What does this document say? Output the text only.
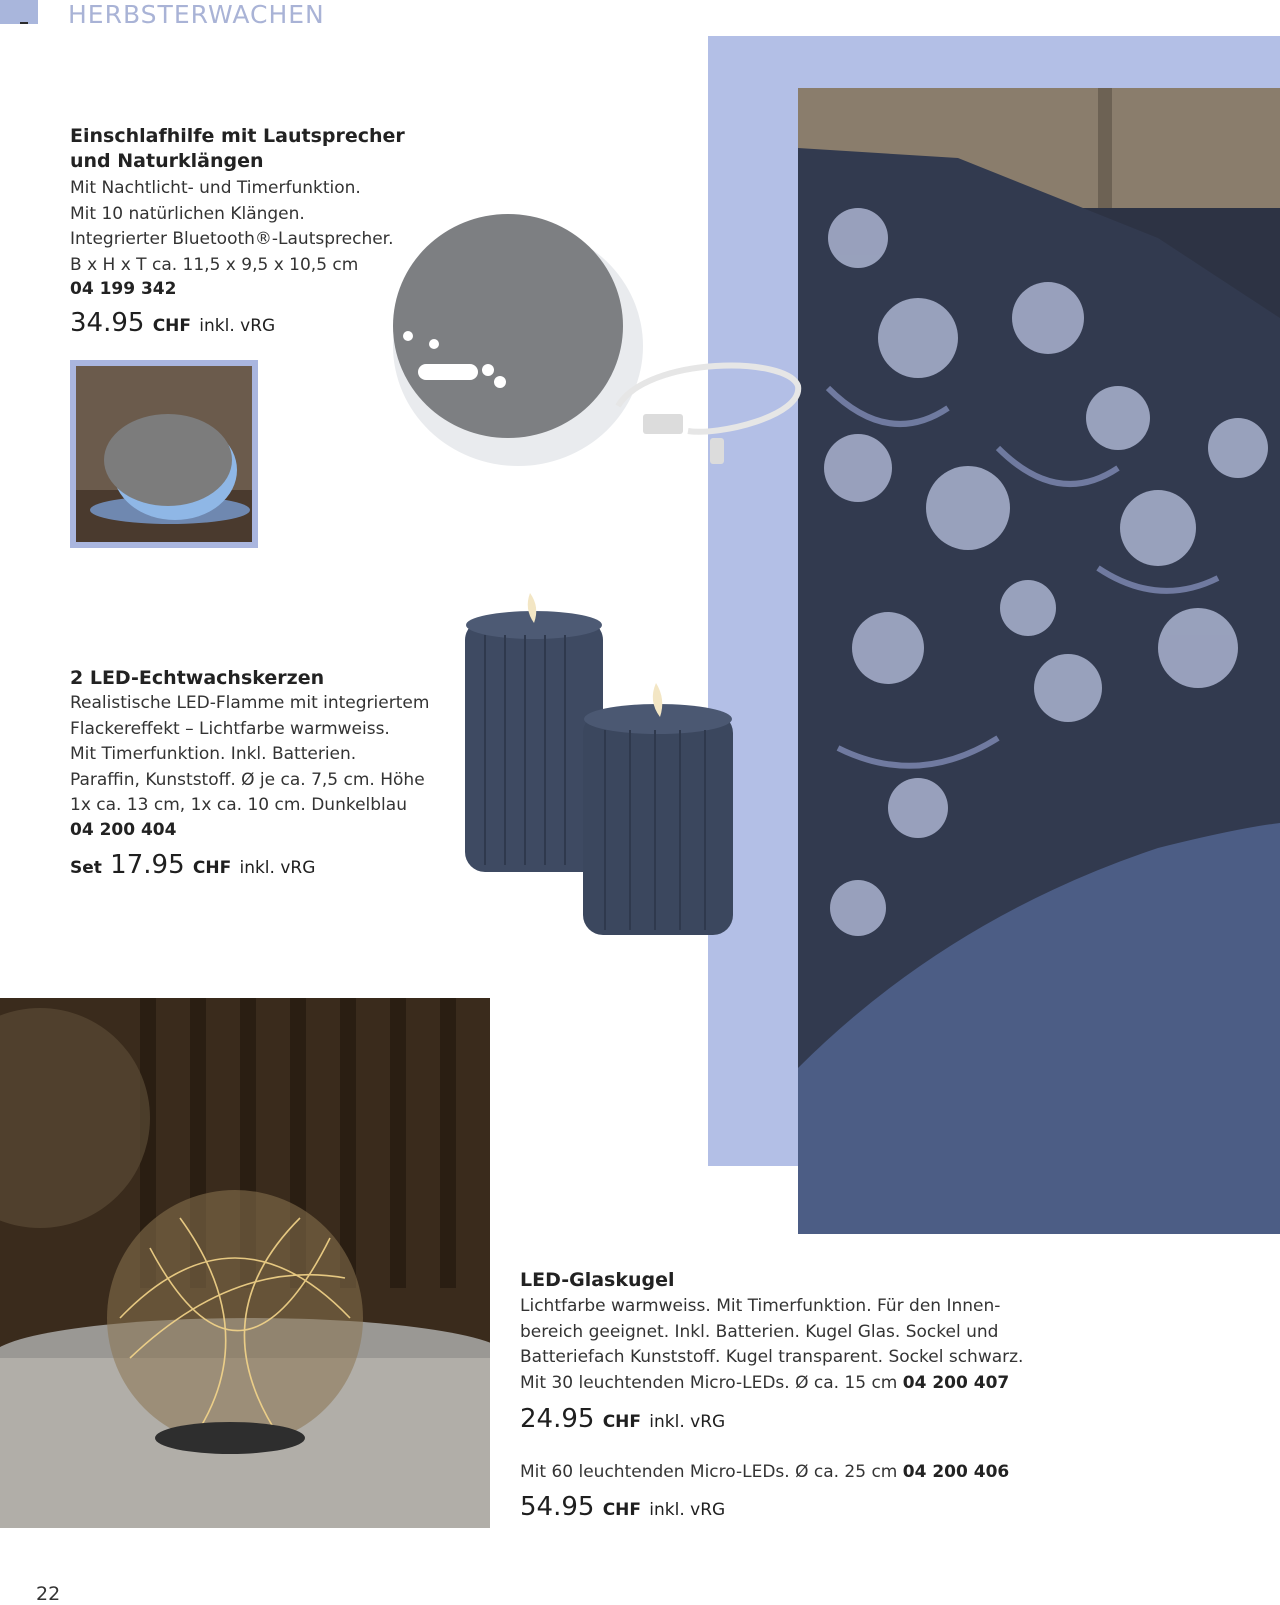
HERBSTERWACHEN
Einschlafhilfe mit Lautsprecher
und Naturklängen
Mit Nachtlicht- und Timerfunktion.
Mit 10 natürlichen Klängen.
Integrierter Bluetooth®-Lautsprecher.
B x H x T ca. 11,5 x 9,5 x 10,5 cm
04 199 342
34.95 CHF inkl. vRG
2 LED-Echtwachskerzen
Realistische LED-Flamme mit integriertem
Flackereffekt – Lichtfarbe warmweiss.
Mit Timerfunktion. Inkl. Batterien.
Paraffin, Kunststoff. Ø je ca. 7,5 cm. Höhe
1x ca. 13 cm, 1x ca. 10 cm. Dunkelblau
04 200 404
Set 17.95 CHF inkl. vRG
LED-Glaskugel
Lichtfarbe warmweiss. Mit Timerfunktion. Für den Innen-
bereich geeignet. Inkl. Batterien. Kugel Glas. Sockel und
Batteriefach Kunststoff. Kugel transparent. Sockel schwarz.
Mit 30 leuchtenden Micro-LEDs. Ø ca. 15 cm 04 200 407
24.95 CHF inkl. vRG
Mit 60 leuchtenden Micro-LEDs. Ø ca. 25 cm 04 200 406
54.95 CHF inkl. vRG
22
